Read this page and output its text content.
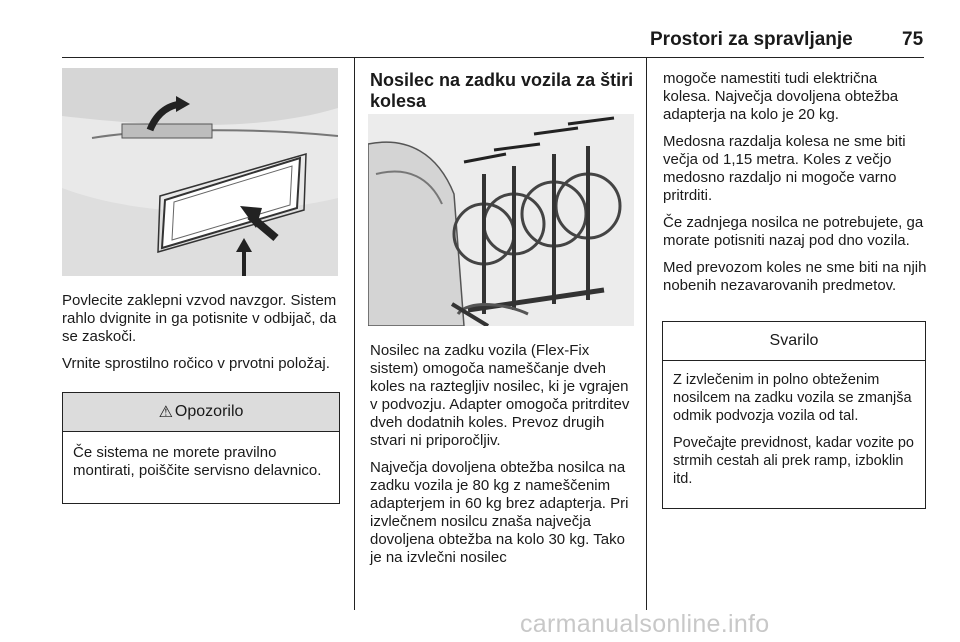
Prostori za spravljanje	75

Povlecite zaklepni vzvod navzgor. Sistem rahlo dvignite in ga potisnite v odbijač, da se zaskoči.

Vrnite sprostilno ročico v prvotni položaj.

⚠ Opozorilo

Če sistema ne morete pravilno montirati, poiščite servisno delavnico.

Nosilec na zadku vozila za štiri kolesa

Nosilec na zadku vozila (Flex-Fix sistem) omogoča nameščanje dveh koles na raztegljiv nosilec, ki je vgrajen v podvozju. Adapter omogoča pritrditev dveh dodatnih koles. Prevoz drugih stvari ni priporočljiv.

Največja dovoljena obtežba nosilca na zadku vozila je 80 kg z nameščenim adapterjem in 60 kg brez adapterja. Pri izvlečnem nosilcu znaša največja dovoljena obtežba na kolo 30 kg. Tako je na izvlečni nosilec

mogoče namestiti tudi električna kolesa. Največja dovoljena obtežba adapterja na kolo je 20 kg.

Medosna razdalja kolesa ne sme biti večja od 1,15 metra. Koles z večjo medosno razdaljo ni mogoče varno pritrditi.

Če zadnjega nosilca ne potrebujete, ga morate potisniti nazaj pod dno vozila.

Med prevozom koles ne sme biti na njih nobenih nezavarovanih predmetov.

Svarilo

Z izvlečenim in polno obteženim nosilcem na zadku vozila se zmanjša odmik podvozja vozila od tal.

Povečajte previdnost, kadar vozite po strmih cestah ali prek ramp, izboklin itd.

carmanualsonline.info
